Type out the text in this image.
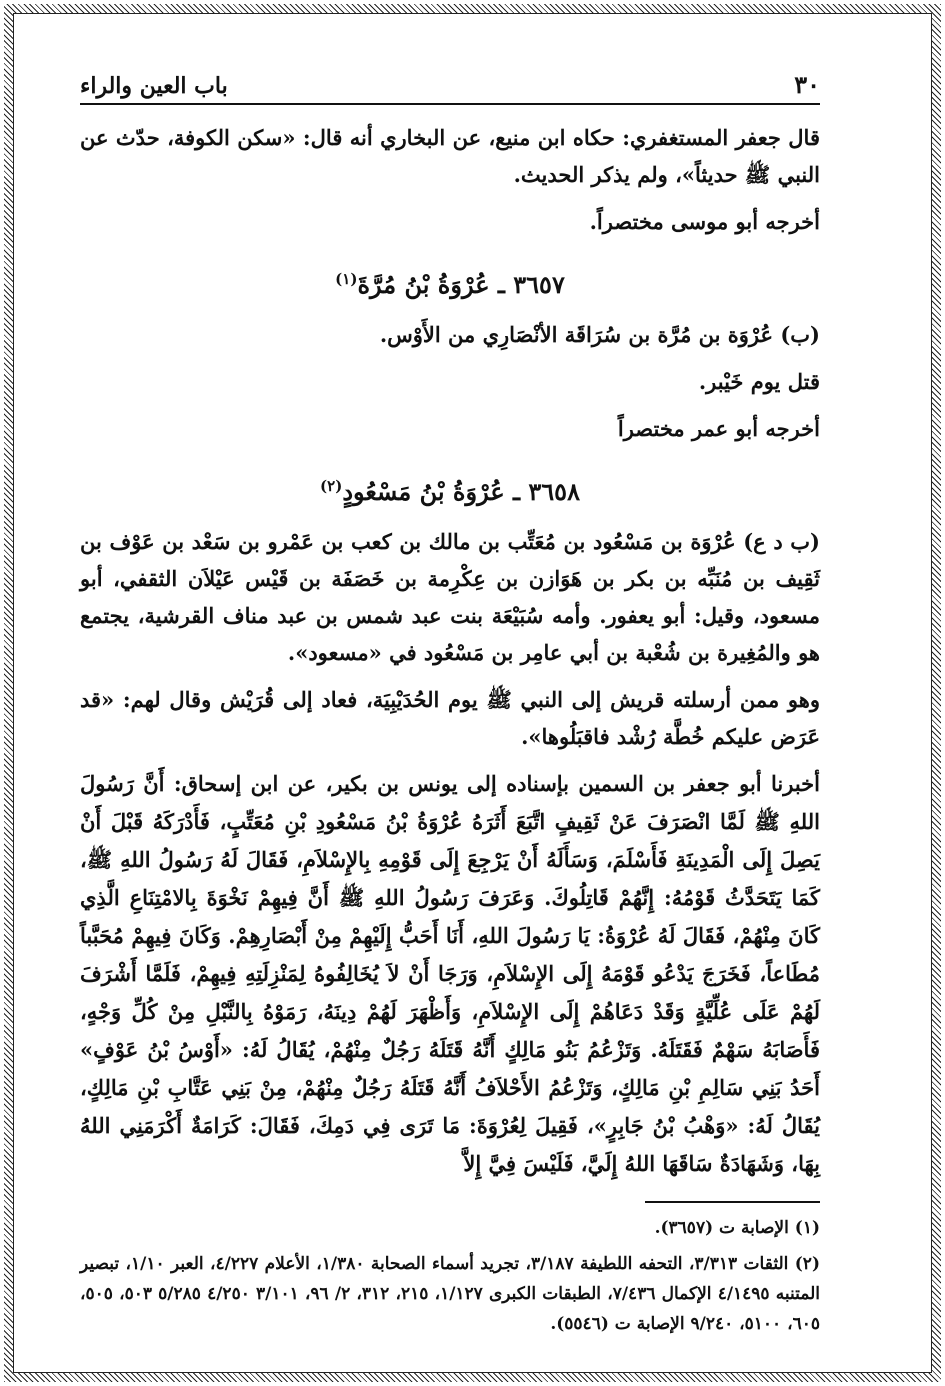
٣٠
باب العين والراء

قال جعفر المستغفري: حكاه ابن منيع، عن البخاري أنه قال: «سكن الكوفة، حدّث عن النبي ﷺ حديثاً»، ولم يذكر الحديث.

أخرجه أبو موسى مختصراً.

٣٦٥٧ ـ عُرْوَةُ بْنُ مُرَّةَ$^{(١)}$

(ب) عُرْوَة بن مُرَّة بن سُرَاقَة الأنْصَارِي من الأَوْس.

قتل يوم خَيْبر.

أخرجه أبو عمر مختصراً

٣٦٥٨ ـ عُرْوَةُ بْنُ مَسْعُودٍ$^{(٢)}$

(ب د ع) عُرْوَة بن مَسْعُود بن مُعَتِّب بن مالك بن كعب بن عَمْرو بن سَعْد بن عَوْف بن ثَقِيف بن مُنَبِّه بن بكر بن هَوَازن بن عِكْرِمة بن خَصَفَة بن قَيْس عَيْلاَن الثقفي، أبو مسعود، وقيل: أبو يعفور. وأمه سُبَيْعَة بنت عبد شمس بن عبد مناف القرشية، يجتمع هو والمُغِيرة بن شُعْبة بن أبي عامِر بن مَسْعُود في «مسعود».

وهو ممن أرسلته قريش إلى النبي ﷺ يوم الحُدَيْبِيَة، فعاد إلى قُرَيْش وقال لهم: «قد عَرَض عليكم خُطَّة رُشْد فاقبَلُوها».

أخبرنا أبو جعفر بن السمين بإسناده إلى يونس بن بكير، عن ابن إسحاق: أَنَّ رَسُولَ اللهِ ﷺ لَمَّا انْصَرَفَ عَنْ ثَقِيفٍ اتَّبَعَ أَثَرَهُ عُرْوَةُ بْنُ مَسْعُودِ بْنِ مُعَتِّبٍ، فَأَدْرَكَهُ قَبْلَ أَنْ يَصِلَ إِلَى الْمَدِينَةِ فَأَسْلَمَ، وَسَأَلَهُ أَنْ يَرْجِعَ إِلَى قَوْمِهِ بِالإِسْلاَمِ، فَقَالَ لَهُ رَسُولُ اللهِ ﷺ، كَمَا يَتَحَدَّثُ قَوْمُهُ: إِنَّهُمْ قَاتِلُوكَ. وَعَرَفَ رَسُولُ اللهِ ﷺ أَنَّ فِيهِمْ نَخْوَةَ بِالامْتِنَاعِ الَّذِي كَانَ مِنْهُمْ، فَقَالَ لَهُ عُرْوَةُ: يَا رَسُولَ اللهِ، أَنَا أَحَبُّ إِلَيْهِمْ مِنْ أَبْصَارِهِمْ. وَكَانَ فِيهِمْ مُحَبَّباً مُطَاعاً، فَخَرَجَ يَدْعُو قَوْمَهُ إِلَى الإِسْلاَمِ، وَرَجَا أَنْ لاَ يُخَالِفُوهُ لِمَنْزِلَتِهِ فِيهِمْ، فَلَمَّا أَشْرَفَ لَهُمْ عَلَى عُلِّيَّةٍ وَقَدْ دَعَاهُمْ إِلَى الإِسْلاَمِ، وَأَظْهَرَ لَهُمْ دِينَهُ، رَمَوْهُ بِالنَّبْلِ مِنْ كُلِّ وَجْهٍ، فَأَصَابَهُ سَهْمٌ فَقَتَلَهُ. وَتَزْعُمُ بَنُو مَالِكٍ أَنَّهُ قَتَلَهُ رَجُلٌ مِنْهُمْ، يُقَالُ لَهُ: «أَوْسُ بْنُ عَوْفٍ» أَحَدُ بَنِي سَالِمِ بْنِ مَالِكٍ، وَتَزْعُمُ الأَحْلاَفُ أَنَّهُ قَتَلَهُ رَجُلٌ مِنْهُمْ، مِنْ بَنِي عَتَّابِ بْنِ مَالِكٍ، يُقَالُ لَهُ: «وَهْبُ بْنُ جَابِرٍ»، فَقِيلَ لِعُرْوَةَ: مَا تَرَى فِي دَمِكَ، فَقَالَ: كَرَامَةٌ أَكْرَمَنِي اللهُ بِهَا، وَشَهَادَةٌ سَاقَهَا اللهُ إِلَيَّ، فَلَيْسَ فِيَّ إِلاَّ

(١) الإصابة ت (٣٦٥٧).

(٢) الثقات ٣/٣١٣، التحفه اللطيفة ٣/١٨٧، تجريد أسماء الصحابة ١/٣٨٠، الأعلام ٤/٢٢٧، العبر ١/١٠، تبصير المتنبه ٤/١٤٩٥ الإكمال ٧/٤٣٦، الطبقات الكبرى ١/١٢٧، ٢١٥، ٣١٢، ٢/ ٩٦، ٣/١٠١ ٤/٢٥٠ ٥/٢٨٥ ٥٠٣، ٥٠٥، ٦٠٥، ٥١٠٠، ٩/٢٤٠ الإصابة ت (٥٥٤٦).
